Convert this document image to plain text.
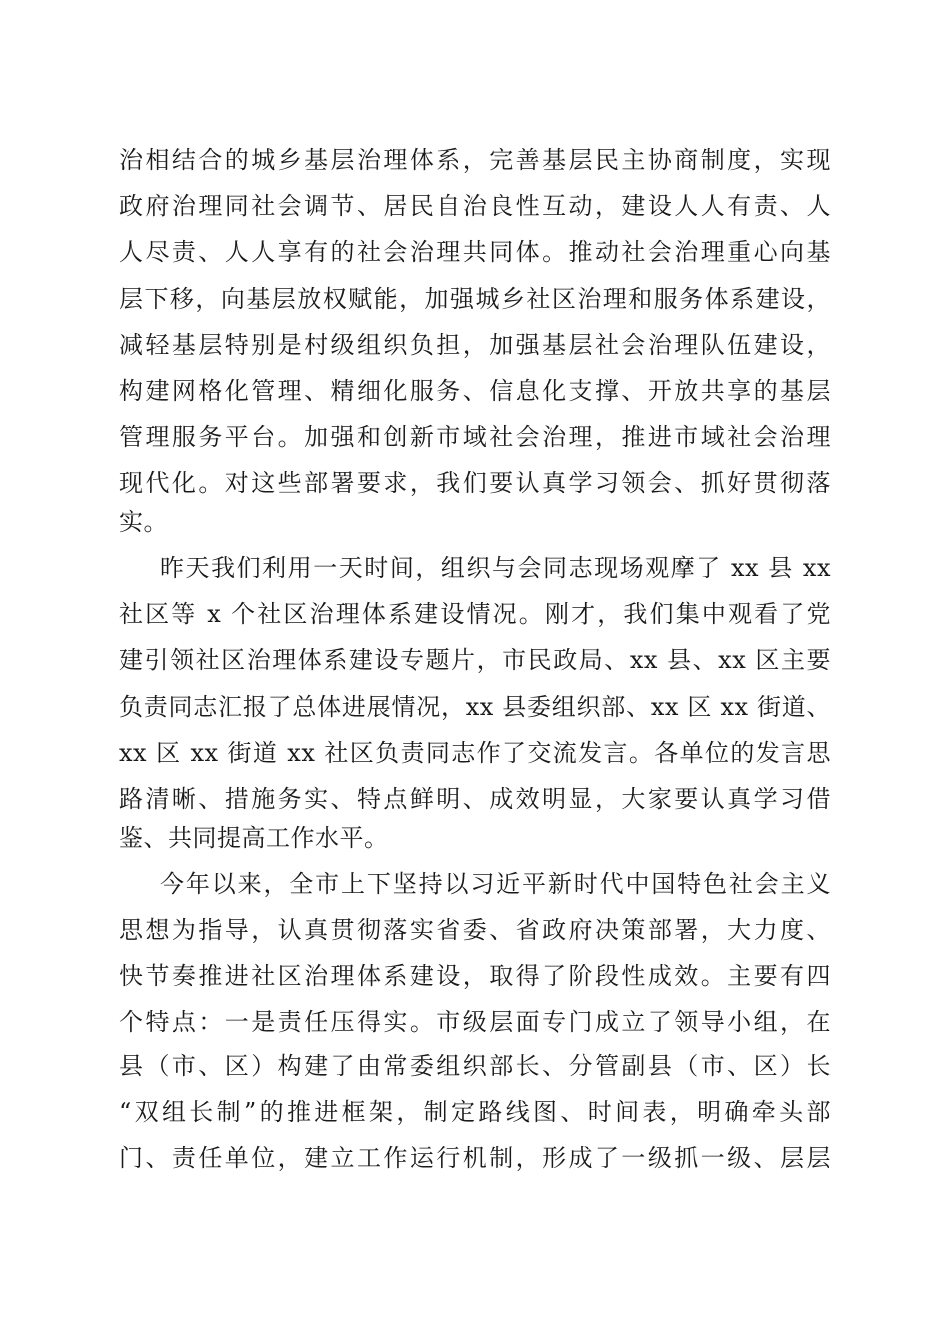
治相结合的城乡基层治理体系，完善基层民主协商制度，实现
政府治理同社会调节、居民自治良性互动，建设人人有责、人
人尽责、人人享有的社会治理共同体。推动社会治理重心向基
层下移，向基层放权赋能，加强城乡社区治理和服务体系建设，
减轻基层特别是村级组织负担，加强基层社会治理队伍建设，
构建网格化管理、精细化服务、信息化支撑、开放共享的基层
管理服务平台。加强和创新市域社会治理，推进市域社会治理
现代化。对这些部署要求，我们要认真学习领会、抓好贯彻落
实。
昨天我们利用一天时间，组织与会同志现场观摩了 xx 县 xx
社区等 x 个社区治理体系建设情况。刚才，我们集中观看了党
建引领社区治理体系建设专题片，市民政局、xx 县、xx 区主要
负责同志汇报了总体进展情况，xx 县委组织部、xx 区 xx 街道、
xx 区 xx 街道 xx 社区负责同志作了交流发言。各单位的发言思
路清晰、措施务实、特点鲜明、成效明显，大家要认真学习借
鉴、共同提高工作水平。
今年以来，全市上下坚持以习近平新时代中国特色社会主义
思想为指导，认真贯彻落实省委、省政府决策部署，大力度、
快节奏推进社区治理体系建设，取得了阶段性成效。主要有四
个特点：一是责任压得实。市级层面专门成立了领导小组，在
县（市、区）构建了由常委组织部长、分管副县（市、区）长
“双组长制”的推进框架，制定路线图、时间表，明确牵头部
门、责任单位，建立工作运行机制，形成了一级抓一级、层层
